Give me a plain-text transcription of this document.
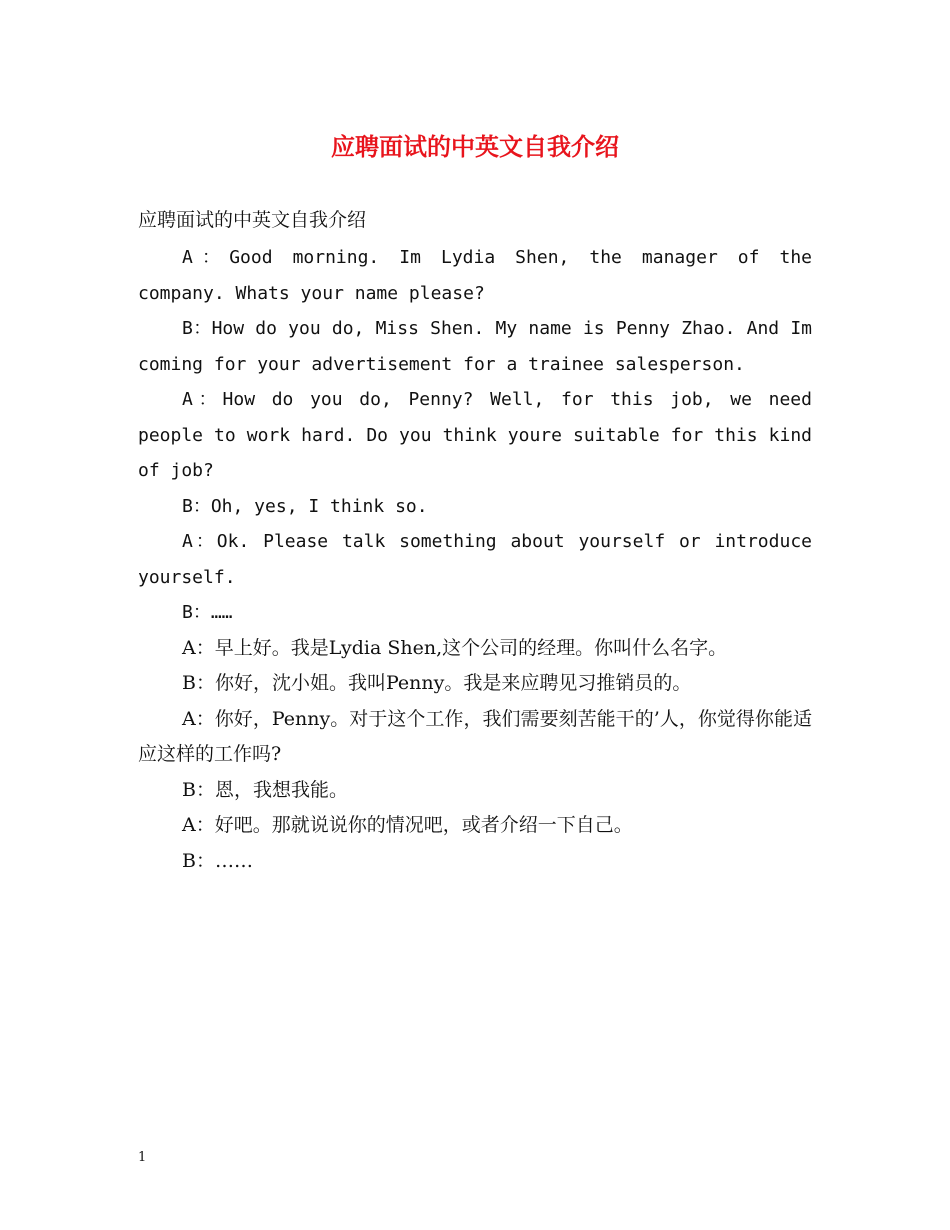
应聘面试的中英文自我介绍
应聘面试的中英文自我介绍

A：Good morning. Im Lydia Shen, the manager of the company. Whats your name please?

B：How do you do, Miss Shen. My name is Penny Zhao. And Im coming for your advertisement for a trainee salesperson.

A：How do you do, Penny? Well, for this job, we need people to work hard. Do you think youre suitable for this kind of job?

B：Oh, yes, I think so.

A：Ok. Please talk something about yourself or introduce yourself.

B：……

A：早上好。我是Lydia Shen,这个公司的经理。你叫什么名字。

B：你好，沈小姐。我叫Penny。我是来应聘见习推销员的。

A：你好，Penny。对于这个工作，我们需要刻苦能干的’人，你觉得你能适应这样的工作吗?

B：恩，我想我能。

A：好吧。那就说说你的情况吧，或者介绍一下自己。

B：……

1
